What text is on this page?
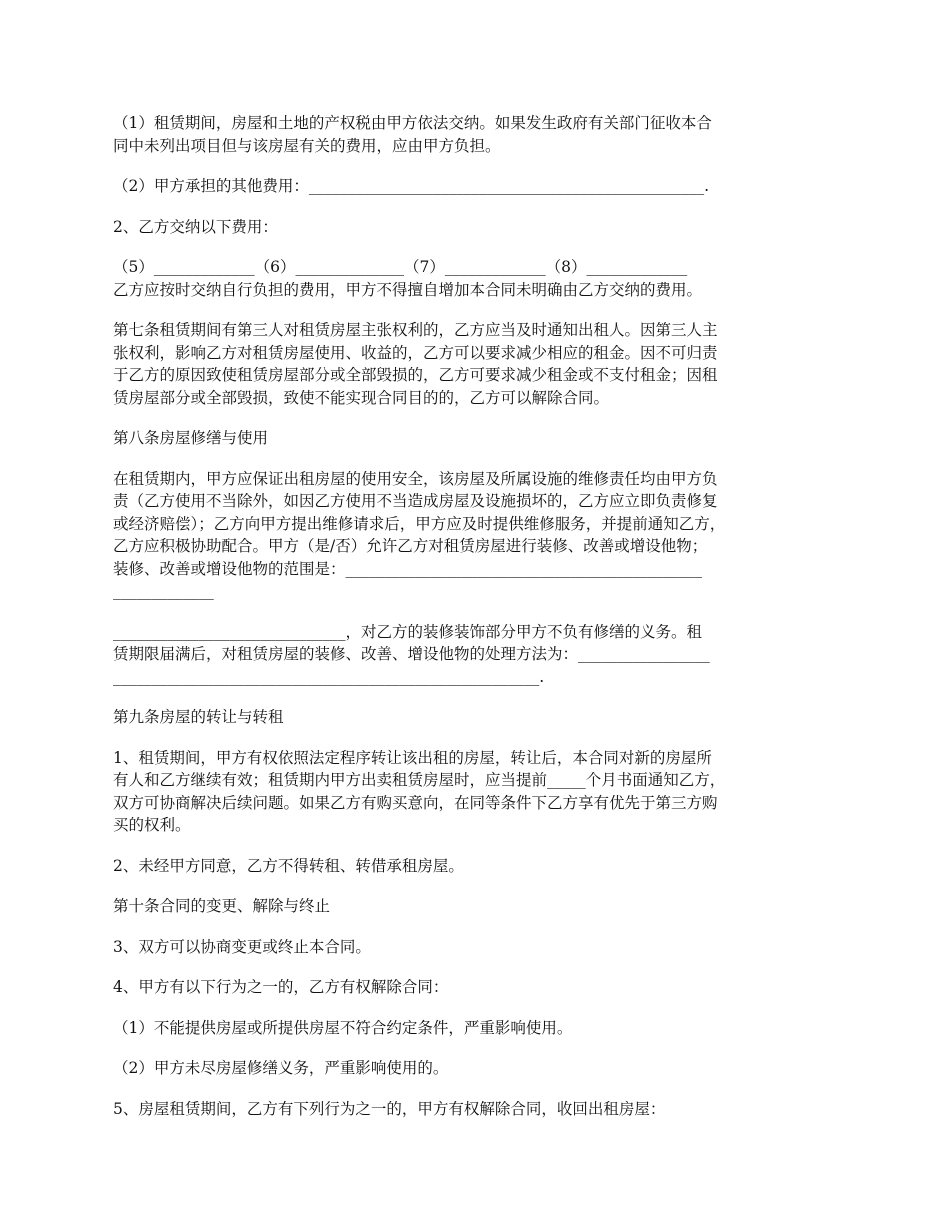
（1）租赁期间，房屋和土地的产权税由甲方依法交纳。如果发生政府有关部门征收本合
同中未列出项目但与该房屋有关的费用，应由甲方负担。

（2）甲方承担的其他费用：___________________________________________________.

2、乙方交纳以下费用：

（5）_____________（6）______________（7）_____________（8）_____________
乙方应按时交纳自行负担的费用，甲方不得擅自增加本合同未明确由乙方交纳的费用。

第七条租赁期间有第三人对租赁房屋主张权利的，乙方应当及时通知出租人。因第三人主
张权利，影响乙方对租赁房屋使用、收益的，乙方可以要求减少相应的租金。因不可归责
于乙方的原因致使租赁房屋部分或全部毁损的，乙方可要求减少租金或不支付租金；因租
赁房屋部分或全部毁损，致使不能实现合同目的的，乙方可以解除合同。

第八条房屋修缮与使用

在租赁期内，甲方应保证出租房屋的使用安全，该房屋及所属设施的维修责任均由甲方负
责（乙方使用不当除外，如因乙方使用不当造成房屋及设施损坏的，乙方应立即负责修复
或经济赔偿）；乙方向甲方提出维修请求后，甲方应及时提供维修服务，并提前通知乙方，
乙方应积极协助配合。甲方（是/否）允许乙方对租赁房屋进行装修、改善或增设他物；
装修、改善或增设他物的范围是：______________________________________________
_____________

______________________________，对乙方的装修装饰部分甲方不负有修缮的义务。租
赁期限届满后，对租赁房屋的装修、改善、增设他物的处理方法为：_________________
_______________________________________________________.

第九条房屋的转让与转租

1、租赁期间，甲方有权依照法定程序转让该出租的房屋，转让后，本合同对新的房屋所
有人和乙方继续有效；租赁期内甲方出卖租赁房屋时，应当提前_____个月书面通知乙方，
双方可协商解决后续问题。如果乙方有购买意向，在同等条件下乙方享有优先于第三方购
买的权利。

2、未经甲方同意，乙方不得转租、转借承租房屋。

第十条合同的变更、解除与终止

3、双方可以协商变更或终止本合同。

4、甲方有以下行为之一的，乙方有权解除合同：

（1）不能提供房屋或所提供房屋不符合约定条件，严重影响使用。

（2）甲方未尽房屋修缮义务，严重影响使用的。

5、房屋租赁期间，乙方有下列行为之一的，甲方有权解除合同，收回出租房屋：
